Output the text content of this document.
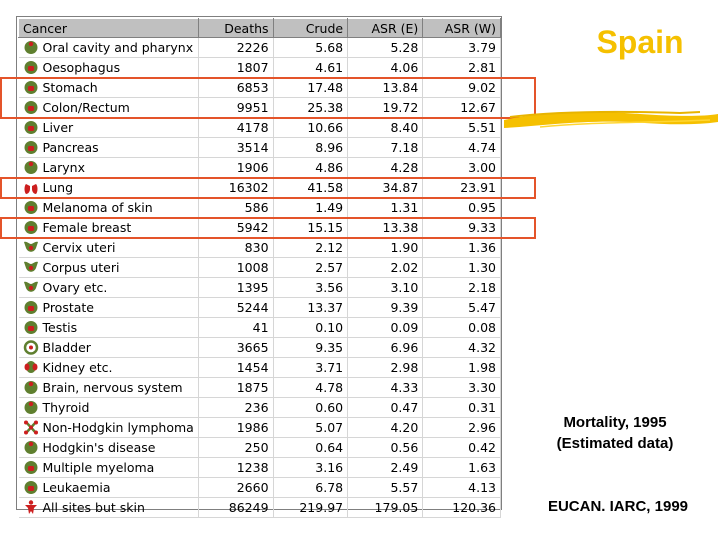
Cancer	Deaths	Crude	ASR (E)	ASR (W)
Oral cavity and pharynx	2226	5.68	5.28	3.79
Oesophagus	1807	4.61	4.06	2.81
Stomach	6853	17.48	13.84	9.02
Colon/Rectum	9951	25.38	19.72	12.67
Liver	4178	10.66	8.40	5.51
Pancreas	3514	8.96	7.18	4.74
Larynx	1906	4.86	4.28	3.00
Lung	16302	41.58	34.87	23.91
Melanoma of skin	586	1.49	1.31	0.95
Female breast	5942	15.15	13.38	9.33
Cervix uteri	830	2.12	1.90	1.36
Corpus uteri	1008	2.57	2.02	1.30
Ovary etc.	1395	3.56	3.10	2.18
Prostate	5244	13.37	9.39	5.47
Testis	41	0.10	0.09	0.08
Bladder	3665	9.35	6.96	4.32
Kidney etc.	1454	3.71	2.98	1.98
Brain, nervous system	1875	4.78	4.33	3.30
Thyroid	236	0.60	0.47	0.31
Non-Hodgkin lymphoma	1986	5.07	4.20	2.96
Hodgkin's disease	250	0.64	0.56	0.42
Multiple myeloma	1238	3.16	2.49	1.63
Leukaemia	2660	6.78	5.57	4.13
All sites but skin	86249	219.97	179.05	120.36
Spain
Mortality, 1995
(Estimated data)
EUCAN. IARC, 1999
